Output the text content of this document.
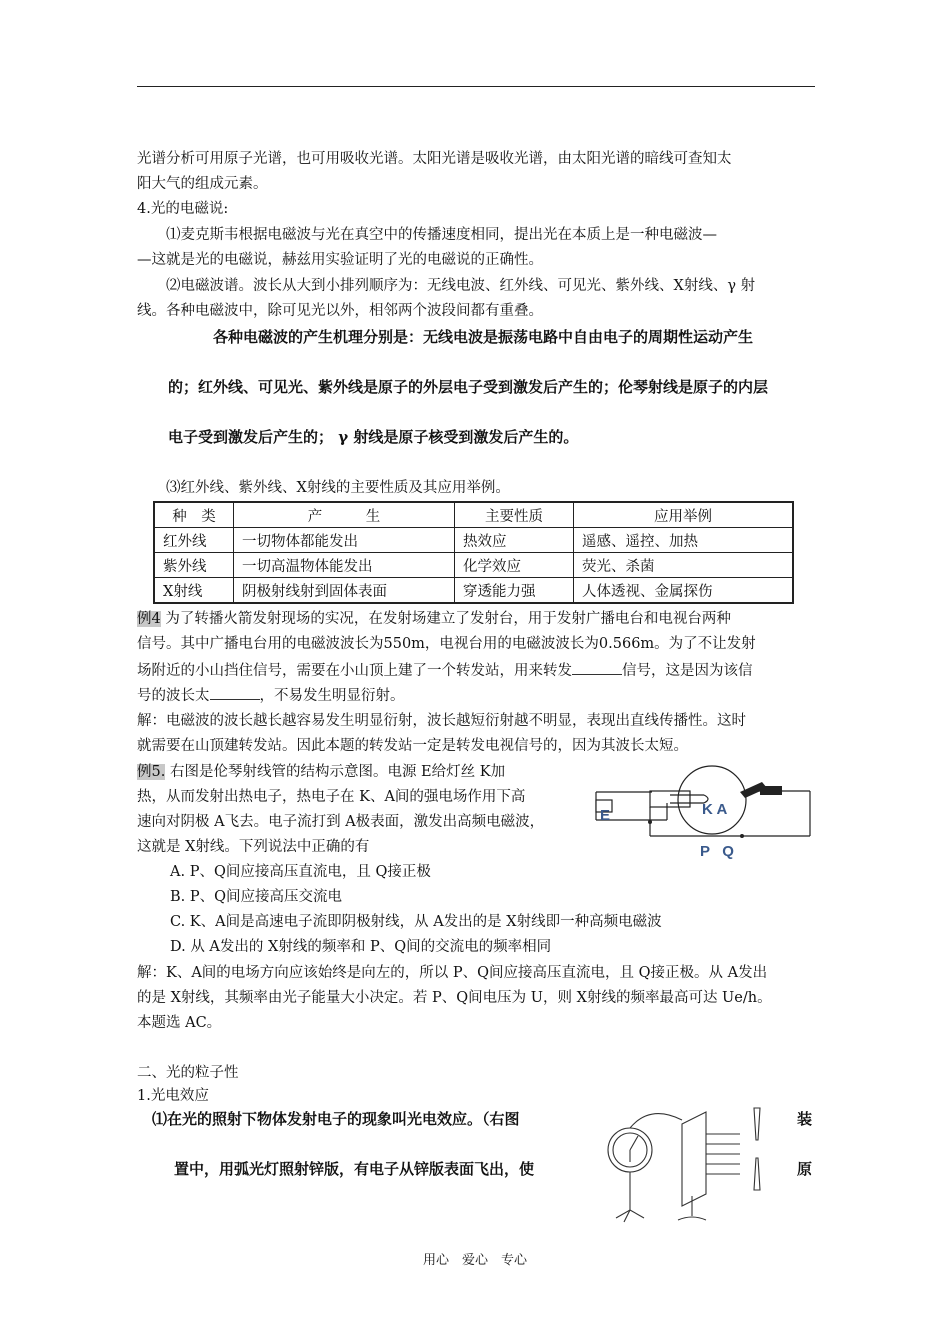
光谱分析可用原子光谱，也可用吸收光谱。太阳光谱是吸收光谱，由太阳光谱的暗线可查知太
阳大气的组成元素。
4.光的电磁说:
⑴麦克斯韦根据电磁波与光在真空中的传播速度相同，提出光在本质上是一种电磁波—
—这就是光的电磁说，赫兹用实验证明了光的电磁说的正确性。
⑵电磁波谱。波长从大到小排列顺序为：无线电波、红外线、可见光、紫外线、X射线、γ 射
线。各种电磁波中，除可见光以外，相邻两个波段间都有重叠。
各种电磁波的产生机理分别是：无线电波是振荡电路中自由电子的周期性运动产生
的；红外线、可见光、紫外线是原子的外层电子受到激发后产生的；伦琴射线是原子的内层
电子受到激发后产生的； γ 射线是原子核受到激发后产生的。
⑶红外线、紫外线、X射线的主要性质及其应用举例。
种　类	产　　　生	主要性质	应用举例
红外线	一切物体都能发出	热效应	遥感、遥控、加热
紫外线	一切高温物体能发出	化学效应	荧光、杀菌
X射线	阴极射线射到固体表面	穿透能力强	人体透视、金属探伤
例4 为了转播火箭发射现场的实况，在发射场建立了发射台，用于发射广播电台和电视台两种
信号。其中广播电台用的电磁波波长为550m，电视台用的电磁波波长为0.566m。为了不让发射
场附近的小山挡住信号，需要在小山顶上建了一个转发站，用来转发	信号，这是因为该信
号的波长太	，不易发生明显衍射。
解：电磁波的波长越长越容易发生明显衍射，波长越短衍射越不明显，表现出直线传播性。这时
就需要在山顶建转发站。因此本题的转发站一定是转发电视信号的，因为其波长太短。
例5. 右图是伦琴射线管的结构示意图。电源 E给灯丝 K加
热，从而发射出热电子，热电子在 K、A间的强电场作用下高
速向对阴极 A飞去。电子流打到 A极表面，激发出高频电磁波，
这就是 X射线。下列说法中正确的有
A. P、Q间应接高压直流电，且 Q接正极
B. P、Q间应接高压交流电
C. K、A间是高速电子流即阴极射线，从 A发出的是 X射线即一种高频电磁波
D. 从 A发出的 X射线的频率和 P、Q间的交流电的频率相同
解：K、A间的电场方向应该始终是向左的，所以 P、Q间应接高压直流电，且 Q接正极。从 A发出
的是 X射线，其频率由光子能量大小决定。若 P、Q间电压为 U，则 X射线的频率最高可达 Ue/h。
本题选 AC。
E	K A
P   Q
二、光的粒子性
1.光电效应
⑴在光的照射下物体发射电子的现象叫光电效应。（右图	装
置中，用弧光灯照射锌版，有电子从锌版表面飞出，使	原
用心　爱心　专心
